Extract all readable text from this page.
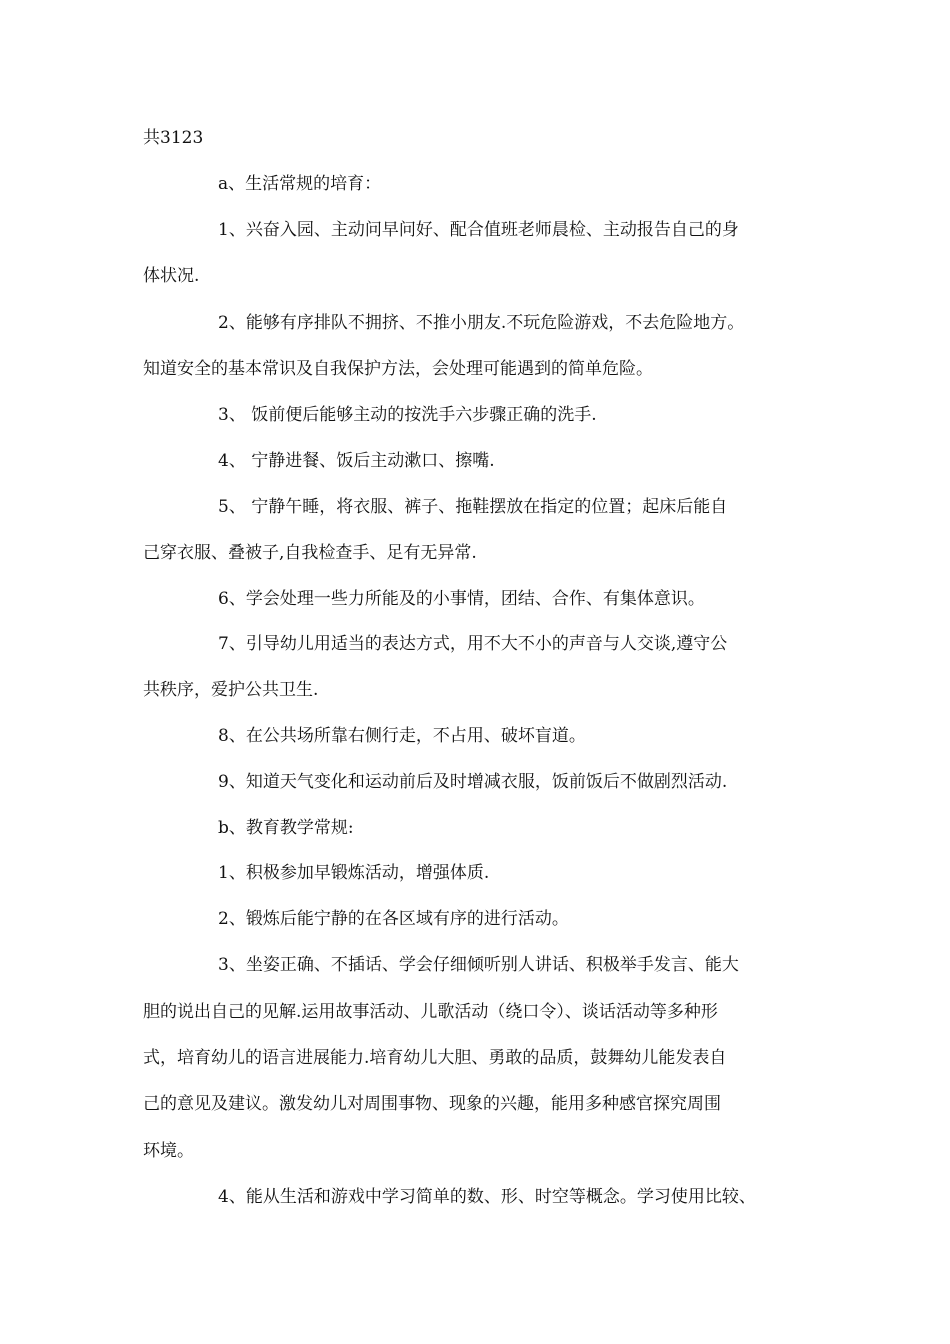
共3123
a、生活常规的培育：
1、兴奋入园、主动问早问好、配合值班老师晨检、主动报告自己的身
体状况.
2、能够有序排队不拥挤、不推小朋友.不玩危险游戏，不去危险地方。
知道安全的基本常识及自我保护方法，会处理可能遇到的简单危险。
3、 饭前便后能够主动的按洗手六步骤正确的洗手.
4、 宁静进餐、饭后主动漱口、擦嘴.
5、 宁静午睡，将衣服、裤子、拖鞋摆放在指定的位置；起床后能自
己穿衣服、叠被子,自我检查手、足有无异常.
6、学会处理一些力所能及的小事情，团结、合作、有集体意识。
7、引导幼儿用适当的表达方式，用不大不小的声音与人交谈,遵守公
共秩序，爱护公共卫生.
8、在公共场所靠右侧行走，不占用、破坏盲道。
9、知道天气变化和运动前后及时增减衣服，饭前饭后不做剧烈活动.
b、教育教学常规:
1、积极参加早锻炼活动，增强体质.
2、锻炼后能宁静的在各区域有序的进行活动。
3、坐姿正确、不插话、学会仔细倾听别人讲话、积极举手发言、能大
胆的说出自己的见解.运用故事活动、儿歌活动（绕口令）、谈话活动等多种形
式，培育幼儿的语言进展能力.培育幼儿大胆、勇敢的品质，鼓舞幼儿能发表自
己的意见及建议。激发幼儿对周围事物、现象的兴趣，能用多种感官探究周围
环境。
4、能从生活和游戏中学习简单的数、形、时空等概念。学习使用比较、
